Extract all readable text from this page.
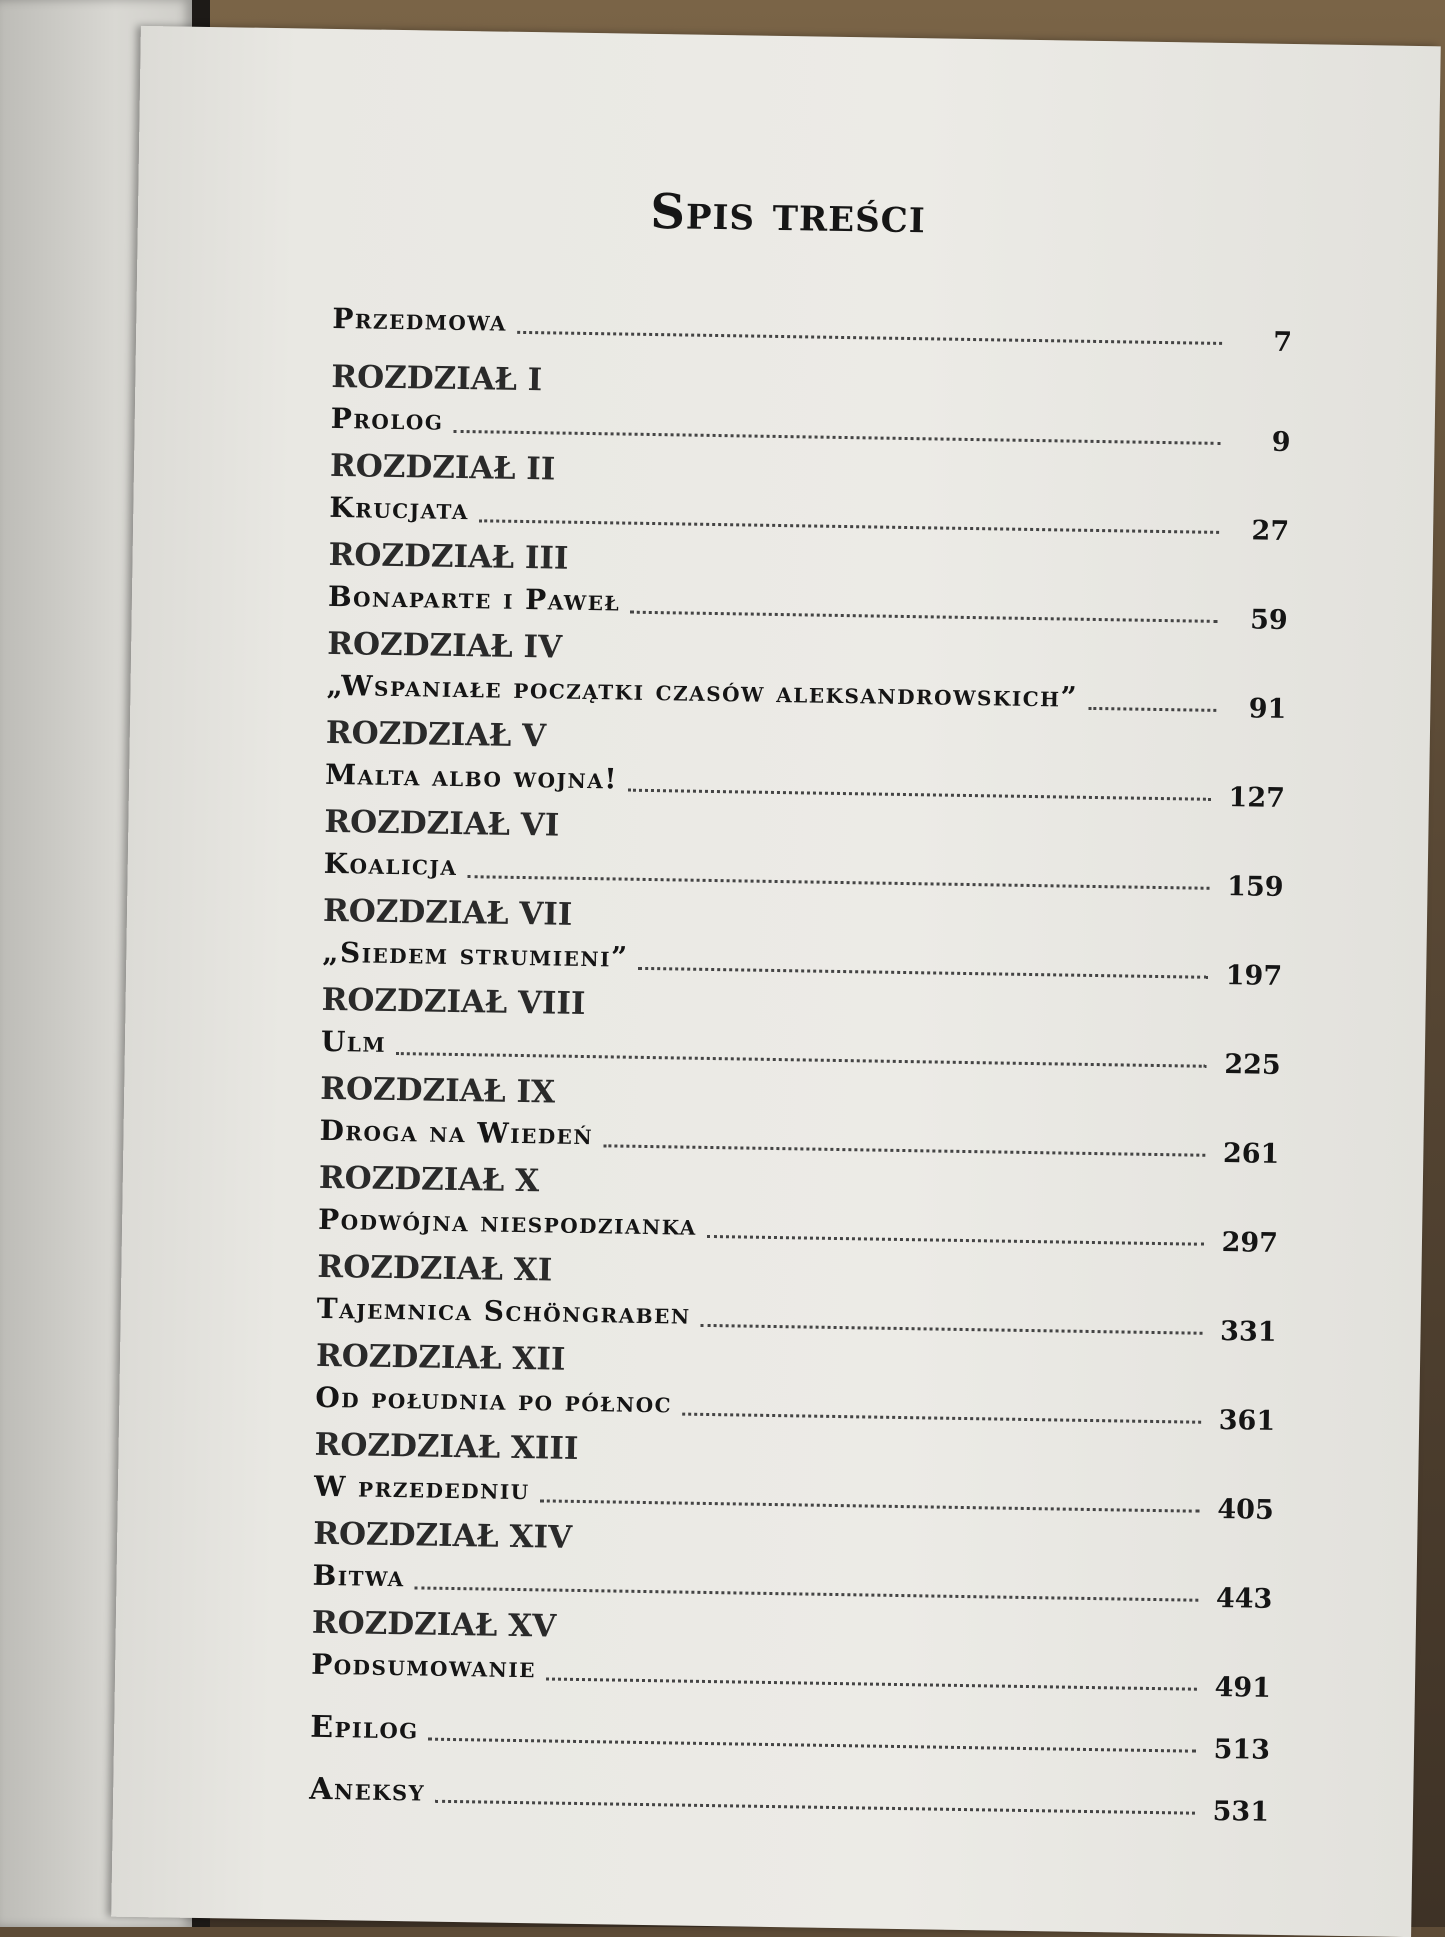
Spis treści
Przedmowa
7
ROZDZIAŁ I
Prolog
9
ROZDZIAŁ II
Krucjata
27
ROZDZIAŁ III
Bonaparte i Paweł
59
ROZDZIAŁ IV
„Wspaniałe początki czasów aleksandrowskich”	91
ROZDZIAŁ V
Malta albo wojna!
127
ROZDZIAŁ VI
Koalicja
159
ROZDZIAŁ VII
„Siedem strumieni”
197
ROZDZIAŁ VIII
Ulm
225
ROZDZIAŁ IX
Droga na Wiedeń
261
ROZDZIAŁ X
Podwójna niespodzianka
297
ROZDZIAŁ XI
Tajemnica Schöngraben
331
ROZDZIAŁ XII
Od południa po północ
361
ROZDZIAŁ XIII
W przededniu
405
ROZDZIAŁ XIV
Bitwa
443
ROZDZIAŁ XV
Podsumowanie
491
Epilog
513
Aneksy
531
